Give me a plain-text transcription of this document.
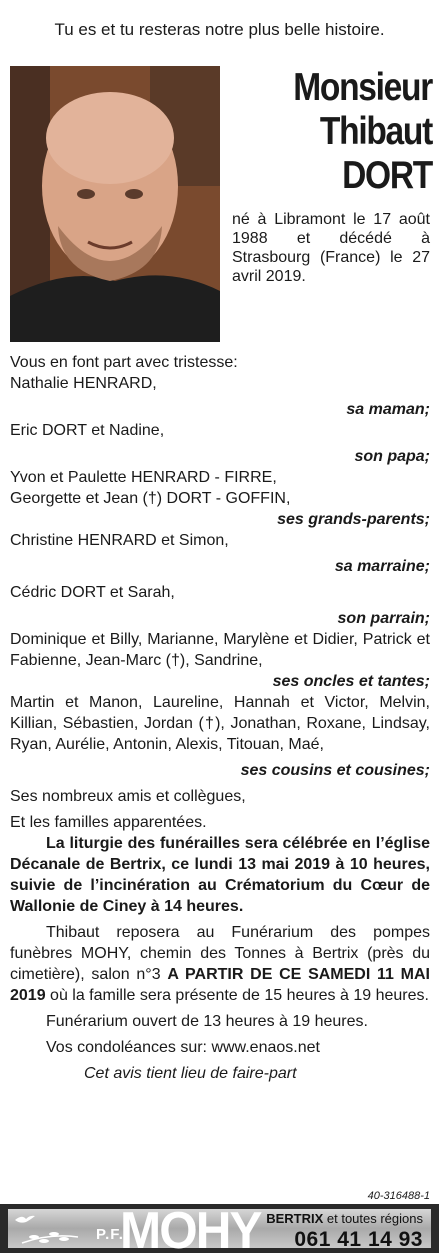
Tu es et tu resteras notre plus belle histoire.
Monsieur
Thibaut
DORT
né à Libramont le 17 août 1988 et décédé à Strasbourg (France) le 27 avril 2019.

Vous en font part avec tristesse:

Nathalie HENRARD,

sa maman;

Eric DORT et Nadine,

son papa;

Yvon et Paulette HENRARD - FIRRE,

Georgette et Jean (†) DORT - GOFFIN,

ses grands-parents;

Christine HENRARD et Simon,

sa marraine;

Cédric DORT et Sarah,

son parrain;

Dominique et Billy, Marianne, Marylène et Didier, Patrick et Fabienne, Jean-Marc (†), Sandrine,

ses oncles et tantes;

Martin et Manon, Laureline, Hannah et Victor, Melvin, Killian, Sébastien, Jordan (†), Jonathan, Roxane, Lindsay, Ryan, Aurélie, Antonin, Alexis, Titouan, Maé,

ses cousins et cousines;

Ses nombreux amis et collègues,

Et les familles apparentées.

La liturgie des funérailles sera célébrée en l’église Décanale de Bertrix, ce lundi 13 mai 2019 à 10 heures, suivie de l’incinération au Crématorium du Cœur de Wallonie de Ciney à 14 heures.

Thibaut reposera au Funérarium des pompes funèbres MOHY, chemin des Tonnes à Bertrix (près du cimetière), salon n°3 A PARTIR DE CE SAMEDI 11 MAI 2019 où la famille sera présente de 15 heures à 19 heures.

Funérarium ouvert de 13 heures à 19 heures.

Vos condoléances sur: www.enaos.net

Cet avis tient lieu de faire-part

40-316488-1
P.F.
MOHY BERTRIX et toutes régions
061 41 14 93
